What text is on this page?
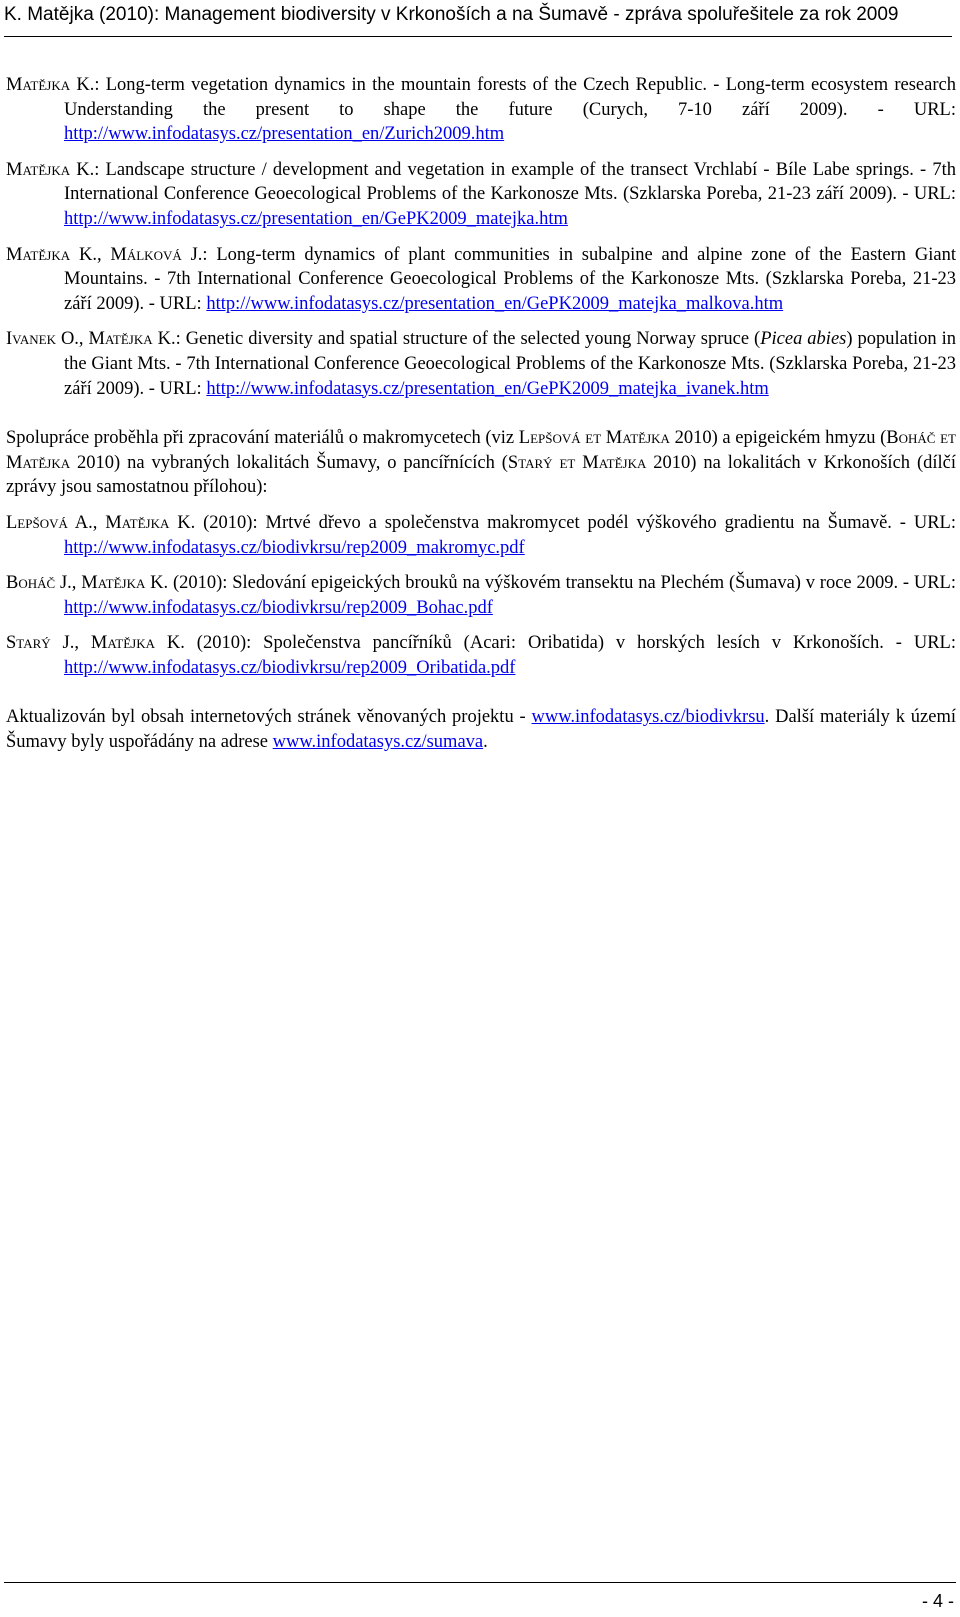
K. Matějka (2010): Management biodiversity v Krkonoších a na Šumavě - zpráva spoluřešitele za rok 2009

Matějka K.: Long-term vegetation dynamics in the mountain forests of the Czech Republic. - Long-term ecosystem research Understanding the present to shape the future (Curych, 7-10 září 2009). - URL: http://www.infodatasys.cz/presentation_en/Zurich2009.htm

Matějka K.: Landscape structure / development and vegetation in example of the transect Vrchlabí - Bíle Labe springs. - 7th International Conference Geoecological Problems of the Karkonosze Mts. (Szklarska Poreba, 21-23 září 2009). - URL: http://www.infodatasys.cz/presentation_en/GePK2009_matejka.htm

Matějka K., Málková J.: Long-term dynamics of plant communities in subalpine and alpine zone of the Eastern Giant Mountains. - 7th International Conference Geoecological Problems of the Karkonosze Mts. (Szklarska Poreba, 21-23 září 2009). - URL: http://www.infodatasys.cz/presentation_en/GePK2009_matejka_malkova.htm

Ivanek O., Matějka K.: Genetic diversity and spatial structure of the selected young Norway spruce (Picea abies) population in the Giant Mts. - 7th International Conference Geoecological Problems of the Karkonosze Mts. (Szklarska Poreba, 21-23 září 2009). - URL: http://www.infodatasys.cz/presentation_en/GePK2009_matejka_ivanek.htm

Spolupráce proběhla při zpracování materiálů o makromycetech (viz Lepšová et Matějka 2010) a epigeickém hmyzu (Boháč et Matějka 2010) na vybraných lokalitách Šumavy, o pancířnících (Starý et Matějka 2010) na lokalitách v Krkonoších (dílčí zprávy jsou samostatnou přílohou):

Lepšová A., Matějka K. (2010): Mrtvé dřevo a společenstva makromycet podél výškového gradientu na Šumavě. - URL: http://www.infodatasys.cz/biodivkrsu/rep2009_makromyc.pdf

Boháč J., Matějka K. (2010): Sledování epigeických brouků na výškovém transektu na Plechém (Šumava) v roce 2009. - URL: http://www.infodatasys.cz/biodivkrsu/rep2009_Bohac.pdf

Starý J., Matějka K. (2010): Společenstva pancířníků (Acari: Oribatida) v horských lesích v Krkonoších. - URL: http://www.infodatasys.cz/biodivkrsu/rep2009_Oribatida.pdf

Aktualizován byl obsah internetových stránek věnovaných projektu - www.infodatasys.cz/biodivkrsu. Další materiály k území Šumavy byly uspořádány na adrese www.infodatasys.cz/sumava.

- 4 -
